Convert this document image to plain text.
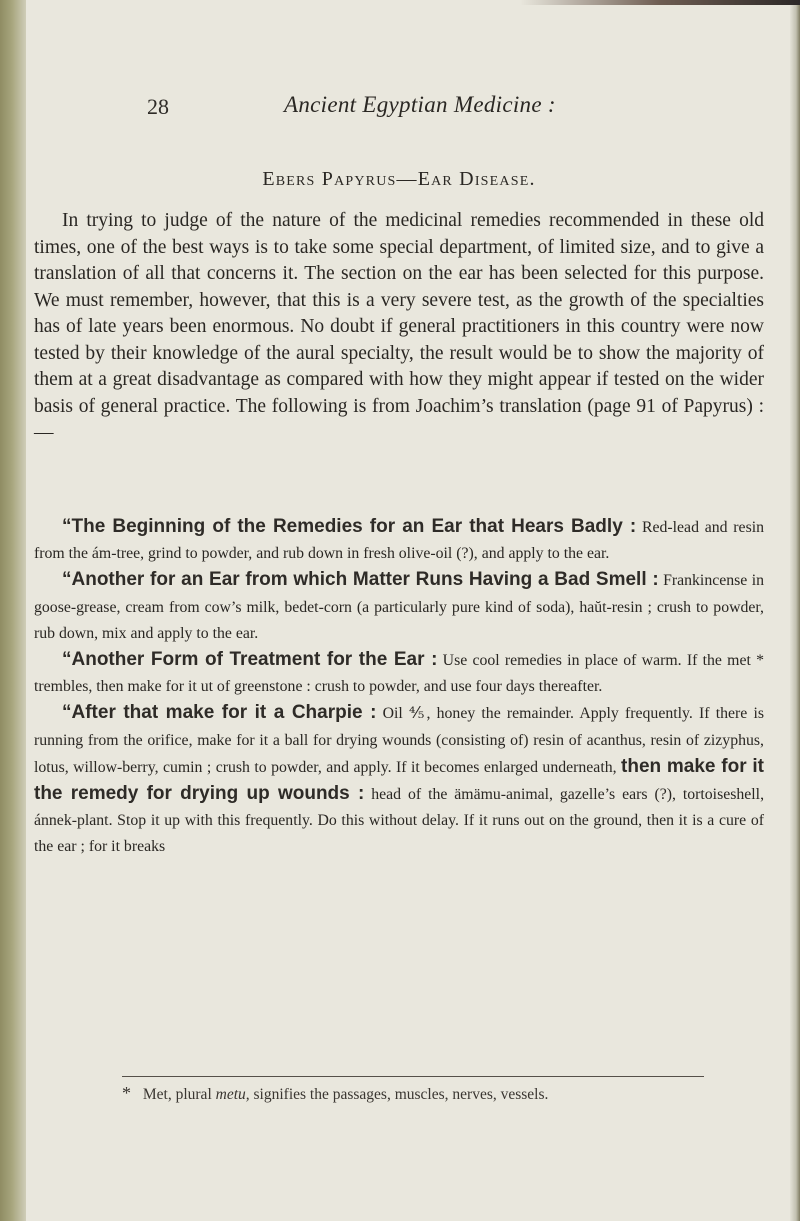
28	Ancient Egyptian Medicine :
Ebers Papyrus—Ear Disease.

In trying to judge of the nature of the medicinal remedies recommended in these old times, one of the best ways is to take some special department, of limited size, and to give a translation of all that concerns it. The section on the ear has been selected for this purpose. We must remember, however, that this is a very severe test, as the growth of the specialties has of late years been enormous. No doubt if general practitioners in this country were now tested by their knowledge of the aural specialty, the result would be to show the majority of them at a great disadvantage as compared with how they might appear if tested on the wider basis of general practice. The following is from Joachim’s translation (page 91 of Papyrus) :—

“The Beginning of the Remedies for an Ear that Hears Badly : Red-lead and resin from the ám-tree, grind to powder, and rub down in fresh olive-oil (?), and apply to the ear.

“Another for an Ear from which Matter Runs Having a Bad Smell : Frankincense in goose-grease, cream from cow’s milk, bedet-corn (a particularly pure kind of soda), haŭt-resin ; crush to powder, rub down, mix and apply to the ear.

“Another Form of Treatment for the Ear : Use cool remedies in place of warm. If the met * trembles, then make for it ut of greenstone : crush to powder, and use four days thereafter.

“After that make for it a Charpie : Oil ⅘, honey the remainder. Apply frequently. If there is running from the orifice, make for it a ball for drying wounds (consisting of) resin of acanthus, resin of zizyphus, lotus, willow-berry, cumin ; crush to powder, and apply. If it becomes enlarged underneath, then make for it the remedy for drying up wounds : head of the ämämu-animal, gazelle’s ears (?), tortoiseshell, ánnek-plant. Stop it up with this frequently. Do this without delay. If it runs out on the ground, then it is a cure of the ear ; for it breaks

* Met, plural metu, signifies the passages, muscles, nerves, vessels.
